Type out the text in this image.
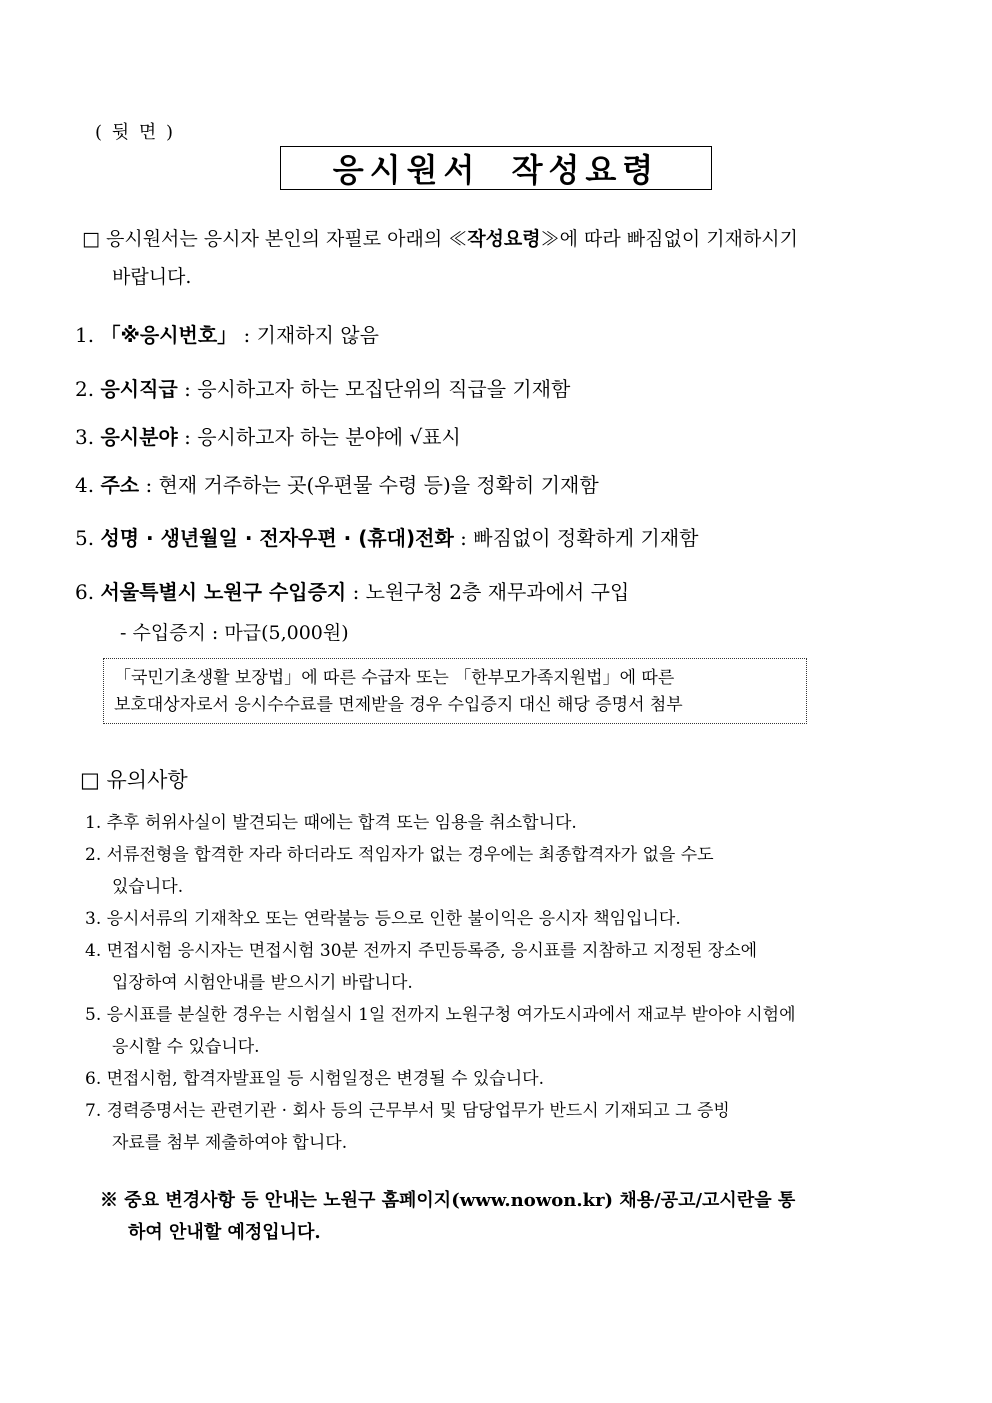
( 뒷 면 )
응시원서 작성요령
□ 응시원서는 응시자 본인의 자필로 아래의 ≪작성요령≫에 따라 빠짐없이 기재하시기
바랍니다.
1. 「※응시번호」 : 기재하지 않음
2. 응시직급 : 응시하고자 하는 모집단위의 직급을 기재함
3. 응시분야 : 응시하고자 하는 분야에 √표시
4. 주소 : 현재 거주하는 곳(우편물 수령 등)을 정확히 기재함
5. 성명 · 생년월일 · 전자우편 · (휴대)전화 : 빠짐없이 정확하게 기재함
6. 서울특별시 노원구 수입증지 : 노원구청 2층 재무과에서 구입
- 수입증지 : 마급(5,000원)
「국민기초생활 보장법」에 따른 수급자 또는 「한부모가족지원법」에 따른
보호대상자로서 응시수수료를 면제받을 경우 수입증지 대신 해당 증명서 첨부
□ 유의사항
1. 추후 허위사실이 발견되는 때에는 합격 또는 임용을 취소합니다.
2. 서류전형을 합격한 자라 하더라도 적임자가 없는 경우에는 최종합격자가 없을 수도
있습니다.
3. 응시서류의 기재착오 또는 연락불능 등으로 인한 불이익은 응시자 책임입니다.
4. 면접시험 응시자는 면접시험 30분 전까지 주민등록증, 응시표를 지참하고 지정된 장소에
입장하여 시험안내를 받으시기 바랍니다.
5. 응시표를 분실한 경우는 시험실시 1일 전까지 노원구청 여가도시과에서 재교부 받아야 시험에
응시할 수 있습니다.
6. 면접시험, 합격자발표일 등 시험일정은 변경될 수 있습니다.
7. 경력증명서는 관련기관 · 회사 등의 근무부서 및 담당업무가 반드시 기재되고 그 증빙
자료를 첨부 제출하여야 합니다.
※ 중요 변경사항 등 안내는 노원구 홈페이지(www.nowon.kr) 채용/공고/고시란을 통
하여 안내할 예정입니다.
